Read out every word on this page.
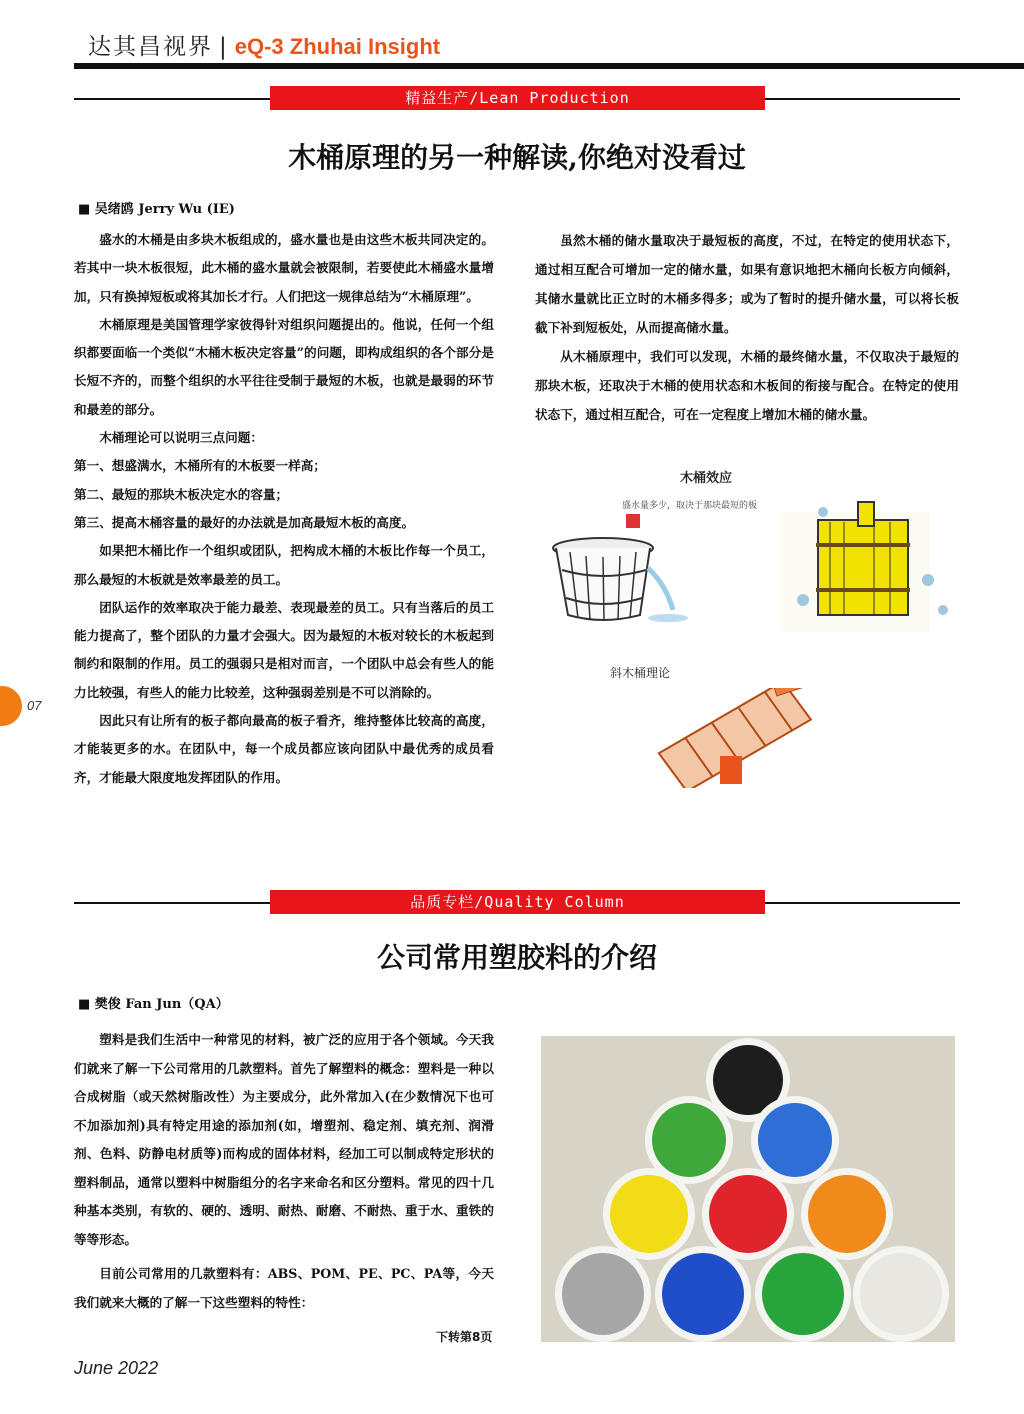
达其昌视界 | eQ-3 Zhuhai Insight
07
精益生产/Lean Production
木桶原理的另一种解读,你绝对没看过
■ 吴绪鸥 Jerry Wu (IE)

盛水的木桶是由多块木板组成的，盛水量也是由这些木板共同决定的。若其中一块木板很短，此木桶的盛水量就会被限制，若要使此木桶盛水量增加，只有换掉短板或将其加长才行。人们把这一规律总结为“木桶原理”。

木桶原理是美国管理学家彼得针对组织问题提出的。他说，任何一个组织都要面临一个类似“木桶木板决定容量”的问题，即构成组织的各个部分是长短不齐的，而整个组织的水平往往受制于最短的木板，也就是最弱的环节和最差的部分。

木桶理论可以说明三点问题：

第一、想盛满水，木桶所有的木板要一样高；

第二、最短的那块木板决定水的容量；

第三、提高木桶容量的最好的办法就是加高最短木板的高度。

如果把木桶比作一个组织或团队，把构成木桶的木板比作每一个员工，那么最短的木板就是效率最差的员工。

团队运作的效率取决于能力最差、表现最差的员工。只有当落后的员工能力提高了，整个团队的力量才会强大。因为最短的木板对较长的木板起到制约和限制的作用。员工的强弱只是相对而言，一个团队中总会有些人的能力比较强，有些人的能力比较差，这种强弱差别是不可以消除的。

因此只有让所有的板子都向最高的板子看齐，维持整体比较高的高度，才能装更多的水。在团队中，每一个成员都应该向团队中最优秀的成员看齐，才能最大限度地发挥团队的作用。

虽然木桶的储水量取决于最短板的高度，不过，在特定的使用状态下，通过相互配合可增加一定的储水量，如果有意识地把木桶向长板方向倾斜，其储水量就比正立时的木桶多得多；或为了暂时的提升储水量，可以将长板截下补到短板处，从而提高储水量。

从木桶原理中，我们可以发现，木桶的最终储水量，不仅取决于最短的那块木板，还取决于木桶的使用状态和木板间的衔接与配合。在特定的使用状态下，通过相互配合，可在一定程度上增加木桶的储水量。

木桶效应
盛水量多少，取决于那块最短的板
斜木桶理论
品质专栏/Quality Column
公司常用塑胶料的介绍
■ 樊俊 Fan Jun（QA）

塑料是我们生活中一种常见的材料，被广泛的应用于各个领域。今天我们就来了解一下公司常用的几款塑料。首先了解塑料的概念：塑料是一种以合成树脂（或天然树脂改性）为主要成分，此外常加入(在少数情况下也可不加添加剂)具有特定用途的添加剂(如，增塑剂、稳定剂、填充剂、润滑剂、色料、防静电材质等)而构成的固体材料，经加工可以制成特定形状的塑料制品，通常以塑料中树脂组分的名字来命名和区分塑料。常见的四十几种基本类别，有软的、硬的、透明、耐热、耐磨、不耐热、重于水、重铁的等等形态。

目前公司常用的几款塑料有：ABS、POM、PE、PC、PA等，今天我们就来大概的了解一下这些塑料的特性：

下转第8页
June 2022
